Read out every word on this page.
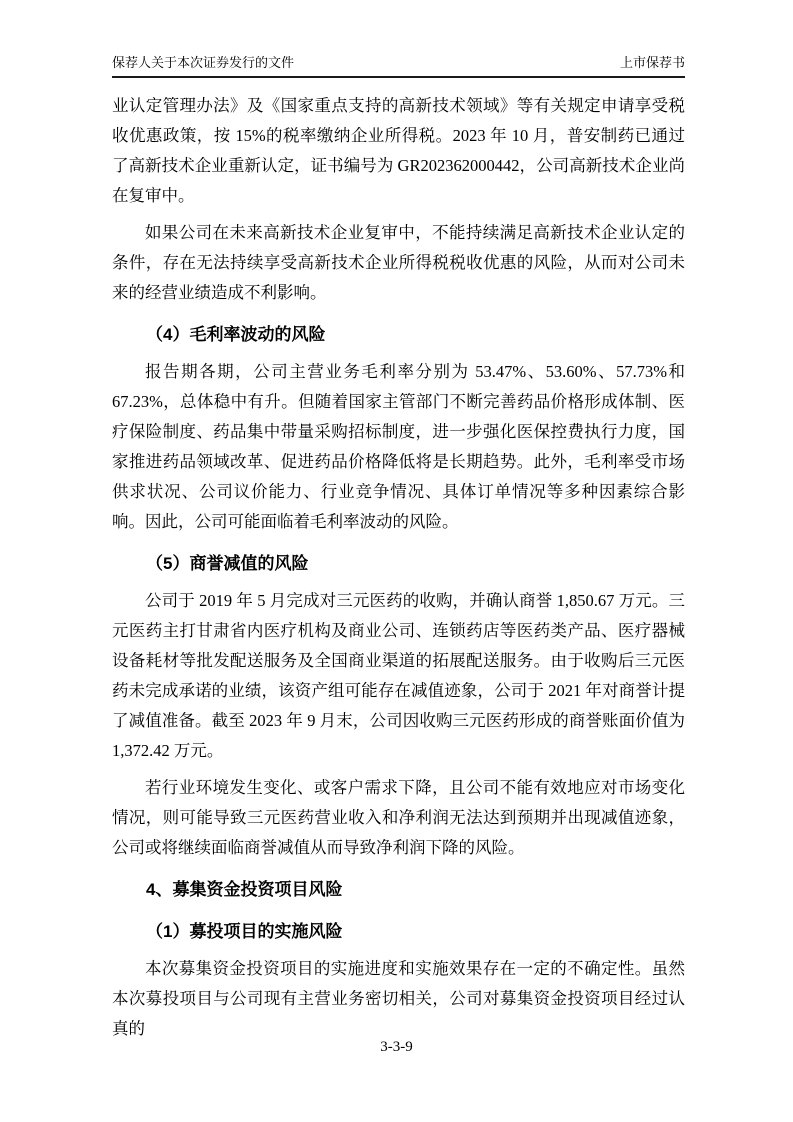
保荐人关于本次证券发行的文件	上市保荐书

业认定管理办法》及《国家重点支持的高新技术领域》等有关规定申请享受税收优惠政策，按 15%的税率缴纳企业所得税。2023 年 10 月，普安制药已通过了高新技术企业重新认定，证书编号为 GR202362000442，公司高新技术企业尚在复审中。

如果公司在未来高新技术企业复审中，不能持续满足高新技术企业认定的条件，存在无法持续享受高新技术企业所得税税收优惠的风险，从而对公司未来的经营业绩造成不利影响。

（4）毛利率波动的风险

报告期各期，公司主营业务毛利率分别为 53.47%、53.60%、57.73%和 67.23%，总体稳中有升。但随着国家主管部门不断完善药品价格形成体制、医疗保险制度、药品集中带量采购招标制度，进一步强化医保控费执行力度，国家推进药品领域改革、促进药品价格降低将是长期趋势。此外，毛利率受市场供求状况、公司议价能力、行业竞争情况、具体订单情况等多种因素综合影响。因此，公司可能面临着毛利率波动的风险。

（5）商誉减值的风险

公司于 2019 年 5 月完成对三元医药的收购，并确认商誉 1,850.67 万元。三元医药主打甘肃省内医疗机构及商业公司、连锁药店等医药类产品、医疗器械设备耗材等批发配送服务及全国商业渠道的拓展配送服务。由于收购后三元医药未完成承诺的业绩，该资产组可能存在减值迹象，公司于 2021 年对商誉计提了减值准备。截至 2023 年 9 月末，公司因收购三元医药形成的商誉账面价值为 1,372.42 万元。

若行业环境发生变化、或客户需求下降，且公司不能有效地应对市场变化情况，则可能导致三元医药营业收入和净利润无法达到预期并出现减值迹象，公司或将继续面临商誉减值从而导致净利润下降的风险。

4、募集资金投资项目风险
（1）募投项目的实施风险

本次募集资金投资项目的实施进度和实施效果存在一定的不确定性。虽然本次募投项目与公司现有主营业务密切相关，公司对募集资金投资项目经过认真的

3-3-9
